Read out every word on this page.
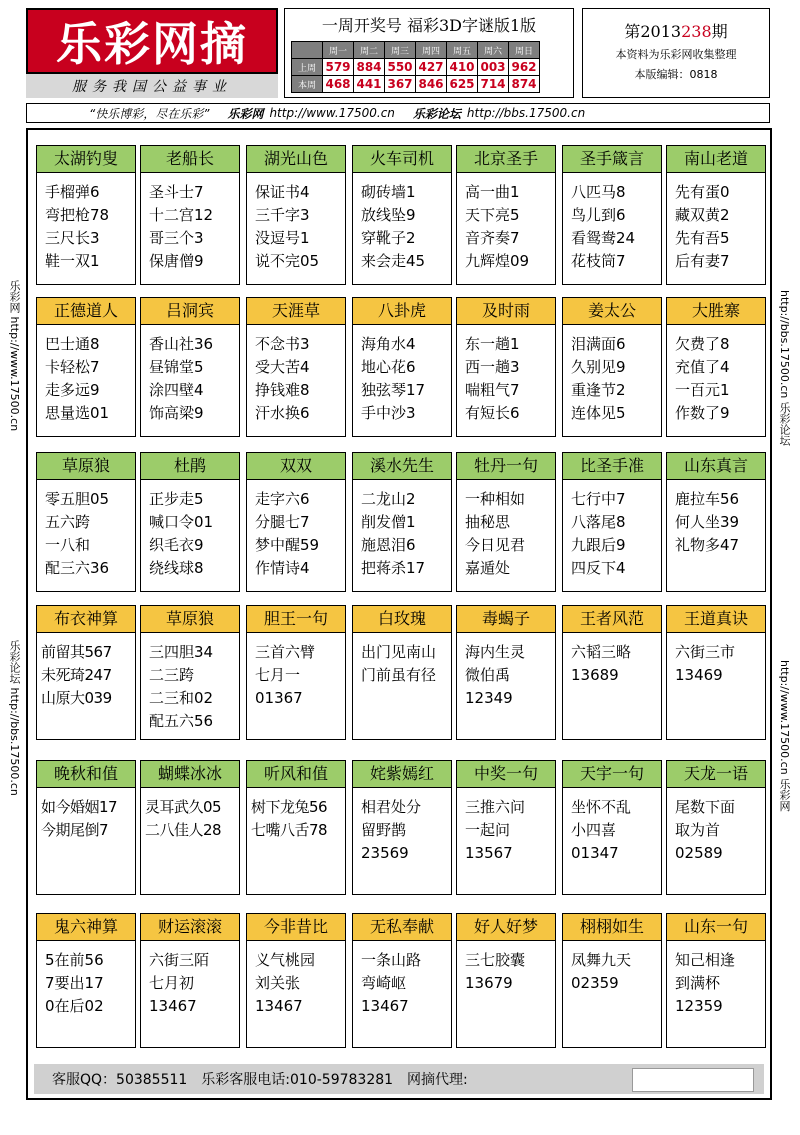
乐彩网摘
服务我国公益事业
一周开奖号 福彩3D字谜版1版
	周一	周二	周三	周四	周五	周六	周日
上周	579	884	550	427	410	003	962
本周	468	441	367	846	625	714	874
第2013238期
本资料为乐彩网收集整理
本版编辑：0818
“快乐博彩，尽在乐彩” 乐彩网 http://www.17500.cn 乐彩论坛 http://bbs.17500.cn
乐彩网 http://www.17500.cn
乐彩论坛 http://bbs.17500.cn
http://bbs.17500.cn 乐彩论坛
http://www.17500.cn 乐彩网
太湖钓叟
手榴弹6
弯把枪78
三尺长3
鞋一双1
老船长
圣斗士7
十二宫12
哥三个3
保唐僧9
湖光山色
保证书4
三千字3
没逗号1
说不完05
火车司机
砌砖墙1
放线坠9
穿靴子2
来会走45
北京圣手
高一曲1
天下亮5
音齐奏7
九辉煌09
圣手箴言
八匹马8
鸟儿到6
看鸳鸯24
花枝筒7
南山老道
先有蛋0
藏双黄2
先有吾5
后有妻7
正德道人
巴士通8
卡轻松7
走多远9
思量选01
吕洞宾
香山社36
昼锦堂5
涂四壁4
饰高梁9
天涯草
不念书3
受大苦4
挣钱难8
汗水换6
八卦虎
海角水4
地心花6
独弦琴17
手中沙3
及时雨
东一趟1
西一趟3
喘粗气7
有短长6
姜太公
泪满面6
久别见9
重逢节2
连体见5
大胜寨
欠费了8
充值了4
一百元1
作数了9
草原狼
零五胆05
五六跨
一八和
配三六36
杜鹃
正步走5
喊口令01
织毛衣9
绕线球8
双双
走字六6
分腿七7
梦中醒59
作情诗4
溪水先生
二龙山2
削发僧1
施恩泪6
把蒋杀17
牡丹一句
一种相如
抽秘思
今日见君
嘉遁处
比圣手准
七行中7
八落尾8
九跟后9
四反下4
山东真言
鹿拉车56
何人坐39
礼物多47
布衣神算
前留其567
未死琦247
山原大039
草原狼
三四胆34
二三跨
二三和02
配五六56
胆王一句
三首六臂
七月一
01367
白玫瑰
出门见南山
门前虽有径
毒蝎子
海内生灵
微伯禹
12349
王者风范
六韬三略
13689
王道真诀
六街三市
13469
晚秋和值
如今婚姻17
今期尾倒7
蝴蝶冰冰
灵耳武久05
二八佳人28
听风和值
树下龙兔56
七嘴八舌78
姹紫嫣红
相君处分
留野鹊
23569
中奖一句
三推六问
一起问
13567
天宇一句
坐怀不乱
小四喜
01347
天龙一语
尾数下面
取为首
02589
鬼六神算
5在前56
7要出17
0在后02
财运滚滚
六街三陌
七月初
13467
今非昔比
义气桃园
刘关张
13467
无私奉献
一条山路
弯崎岖
13467
好人好梦
三七胶囊
13679
栩栩如生
凤舞九天
02359
山东一句
知己相逢
到满杯
12359
客服QQ：50385511 乐彩客服电话:010-59783281 网摘代理:
